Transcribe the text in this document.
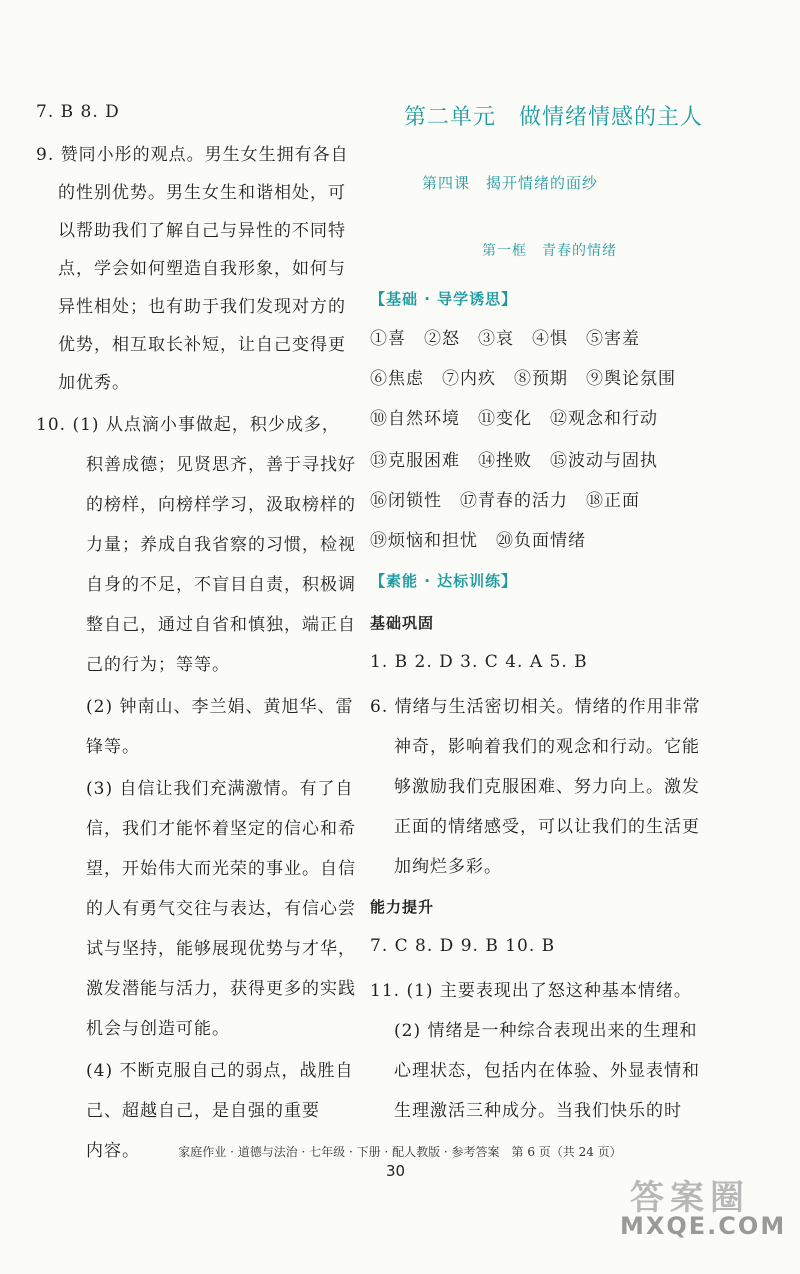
7. B 8. D
9. 赞同小彤的观点。男生女生拥有各自
的性别优势。男生女生和谐相处，可
以帮助我们了解自己与异性的不同特
点，学会如何塑造自我形象，如何与
异性相处；也有助于我们发现对方的
优势，相互取长补短，让自己变得更
加优秀。
10. (1) 从点滴小事做起，积少成多，
积善成德；见贤思齐，善于寻找好
的榜样，向榜样学习，汲取榜样的
力量；养成自我省察的习惯，检视
自身的不足，不盲目自责，积极调
整自己，通过自省和慎独，端正自
己的行为；等等。
(2) 钟南山、李兰娟、黄旭华、雷
锋等。
(3) 自信让我们充满激情。有了自
信，我们才能怀着坚定的信心和希
望，开始伟大而光荣的事业。自信
的人有勇气交往与表达，有信心尝
试与坚持，能够展现优势与才华，
激发潜能与活力，获得更多的实践
机会与创造可能。
(4) 不断克服自己的弱点，战胜自
己、超越自己，是自强的重要
内容。
第二单元　做情绪情感的主人
第四课　揭开情绪的面纱
第一框　青春的情绪
【基础 · 导学诱思】
①喜　②怒　③哀　④惧　⑤害羞
⑥焦虑　⑦内疚　⑧预期　⑨舆论氛围
⑩自然环境　⑪变化　⑫观念和行动
⑬克服困难　⑭挫败　⑮波动与固执
⑯闭锁性　⑰青春的活力　⑱正面
⑲烦恼和担忧　⑳负面情绪
【素能 · 达标训练】
基础巩固
1. B 2. D 3. C 4. A 5. B
6. 情绪与生活密切相关。情绪的作用非常
神奇，影响着我们的观念和行动。它能
够激励我们克服困难、努力向上。激发
正面的情绪感受，可以让我们的生活更
加绚烂多彩。
能力提升
7. C 8. D 9. B 10. B
11. (1) 主要表现出了怒这种基本情绪。
(2) 情绪是一种综合表现出来的生理和
心理状态，包括内在体验、外显表情和
生理激活三种成分。当我们快乐的时
家庭作业 · 道德与法治 · 七年级 · 下册 · 配人教版 · 参考答案　第 6 页（共 24 页）
30
答案圈
MXQE.COM
